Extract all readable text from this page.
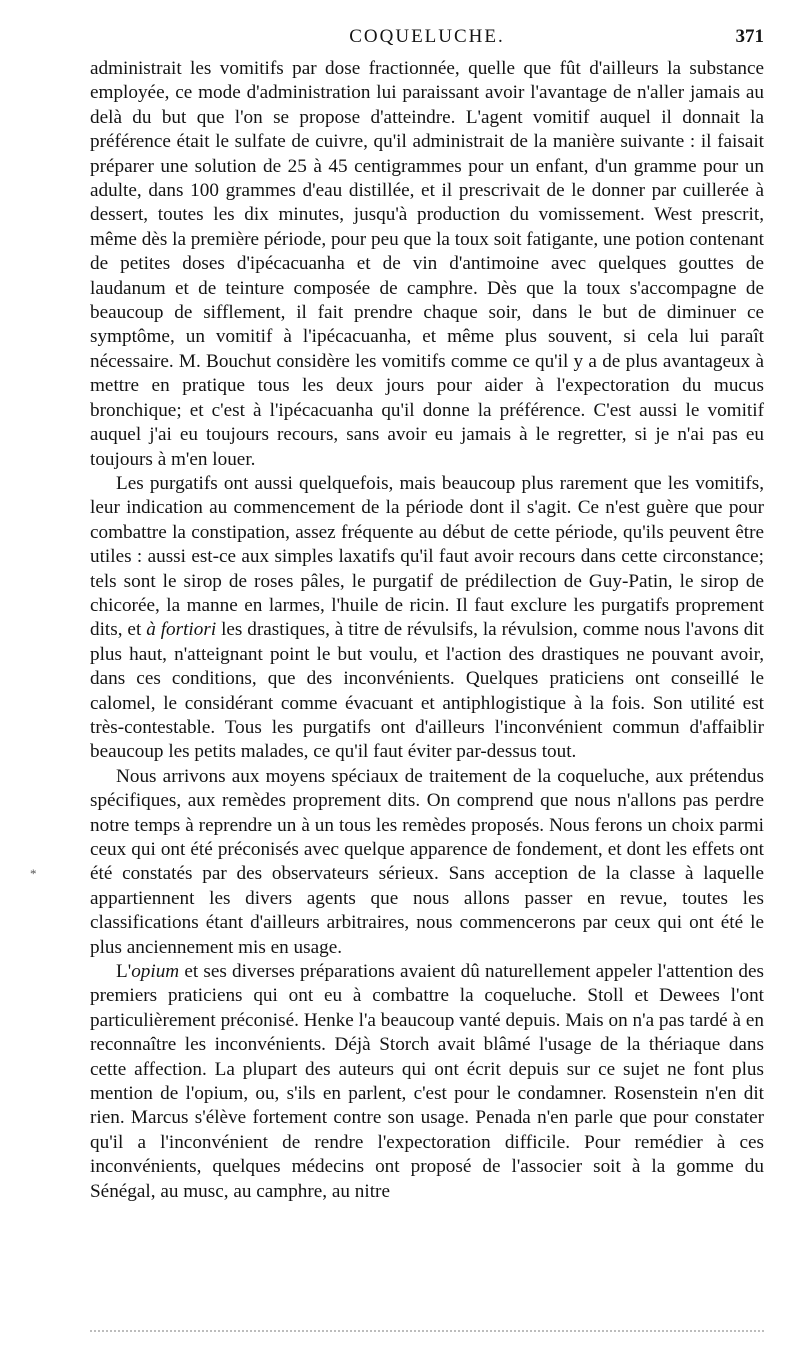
COQUELUCHE.	371
*

administrait les vomitifs par dose fractionnée, quelle que fût d'ailleurs la substance employée, ce mode d'administration lui paraissant avoir l'avantage de n'aller jamais au delà du but que l'on se propose d'atteindre. L'agent vomitif auquel il donnait la préférence était le sulfate de cuivre, qu'il administrait de la manière suivante : il faisait préparer une solution de 25 à 45 centigrammes pour un enfant, d'un gramme pour un adulte, dans 100 grammes d'eau distillée, et il prescrivait de le donner par cuillerée à dessert, toutes les dix minutes, jusqu'à production du vomissement. West prescrit, même dès la première période, pour peu que la toux soit fatigante, une potion contenant de petites doses d'ipécacuanha et de vin d'antimoine avec quelques gouttes de laudanum et de teinture composée de camphre. Dès que la toux s'accompagne de beaucoup de sifflement, il fait prendre chaque soir, dans le but de diminuer ce symptôme, un vomitif à l'ipécacuanha, et même plus souvent, si cela lui paraît nécessaire. M. Bouchut considère les vomitifs comme ce qu'il y a de plus avantageux à mettre en pratique tous les deux jours pour aider à l'expectoration du mucus bronchique; et c'est à l'ipécacuanha qu'il donne la préférence. C'est aussi le vomitif auquel j'ai eu toujours recours, sans avoir eu jamais à le regretter, si je n'ai pas eu toujours à m'en louer.

Les purgatifs ont aussi quelquefois, mais beaucoup plus rarement que les vomitifs, leur indication au commencement de la période dont il s'agit. Ce n'est guère que pour combattre la constipation, assez fréquente au début de cette période, qu'ils peuvent être utiles : aussi est-ce aux simples laxatifs qu'il faut avoir recours dans cette circonstance; tels sont le sirop de roses pâles, le purgatif de prédilection de Guy-Patin, le sirop de chicorée, la manne en larmes, l'huile de ricin. Il faut exclure les purgatifs proprement dits, et à fortiori les drastiques, à titre de révulsifs, la révulsion, comme nous l'avons dit plus haut, n'atteignant point le but voulu, et l'action des drastiques ne pouvant avoir, dans ces conditions, que des inconvénients. Quelques praticiens ont conseillé le calomel, le considérant comme évacuant et antiphlogistique à la fois. Son utilité est très-contestable. Tous les purgatifs ont d'ailleurs l'inconvénient commun d'affaiblir beaucoup les petits malades, ce qu'il faut éviter par-dessus tout.

Nous arrivons aux moyens spéciaux de traitement de la coqueluche, aux prétendus spécifiques, aux remèdes proprement dits. On comprend que nous n'allons pas perdre notre temps à reprendre un à un tous les remèdes proposés. Nous ferons un choix parmi ceux qui ont été préconisés avec quelque apparence de fondement, et dont les effets ont été constatés par des observateurs sérieux. Sans acception de la classe à laquelle appartiennent les divers agents que nous allons passer en revue, toutes les classifications étant d'ailleurs arbitraires, nous commencerons par ceux qui ont été le plus anciennement mis en usage.

L'opium et ses diverses préparations avaient dû naturellement appeler l'attention des premiers praticiens qui ont eu à combattre la coqueluche. Stoll et Dewees l'ont particulièrement préconisé. Henke l'a beaucoup vanté depuis. Mais on n'a pas tardé à en reconnaître les inconvénients. Déjà Storch avait blâmé l'usage de la thériaque dans cette affection. La plupart des auteurs qui ont écrit depuis sur ce sujet ne font plus mention de l'opium, ou, s'ils en parlent, c'est pour le condamner. Rosenstein n'en dit rien. Marcus s'élève fortement contre son usage. Penada n'en parle que pour constater qu'il a l'inconvénient de rendre l'expectoration difficile. Pour remédier à ces inconvénients, quelques médecins ont proposé de l'associer soit à la gomme du Sénégal, au musc, au camphre, au nitre
